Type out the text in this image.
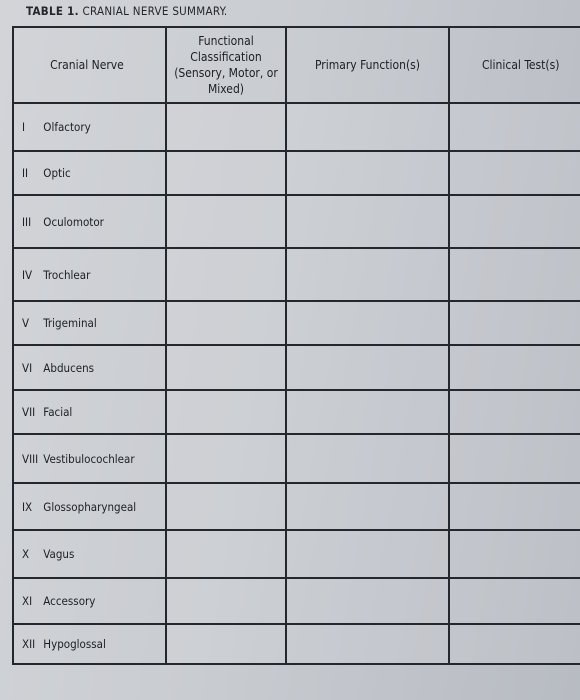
TABLE 1. CRANIAL NERVE SUMMARY.
Cranial Nerve	Functional Classification (Sensory, Motor, or Mixed)	Primary Function(s)	Clinical Test(s)
I Olfactory			
II Optic			
III Oculomotor			
IV Trochlear			
V Trigeminal			
VI Abducens			
VII Facial			
VIII Vestibulocochlear			
IX Glossopharyngeal			
X Vagus			
XI Accessory			
XII Hypoglossal			
